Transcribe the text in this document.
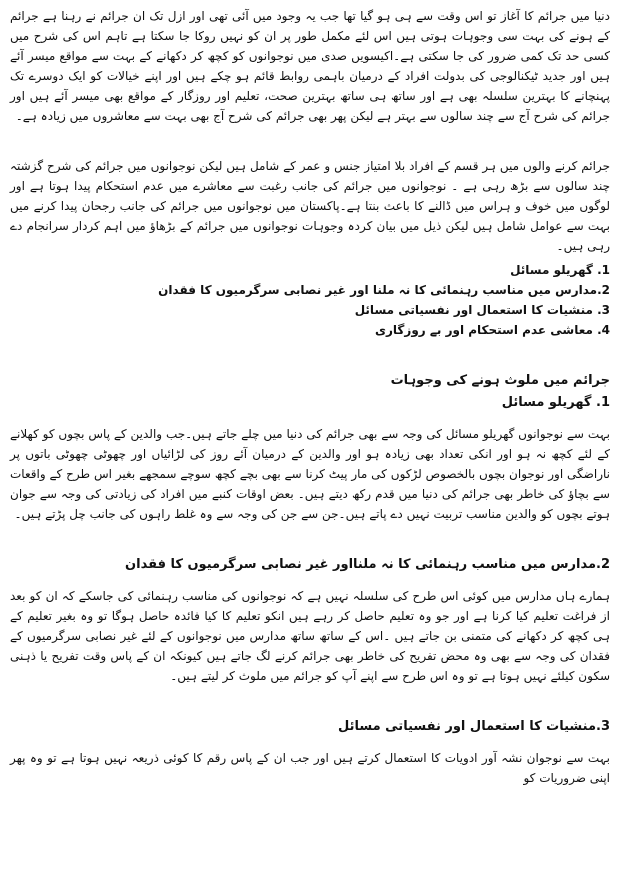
دنیا میں جرائم کا آغاز تو اس وقت سے ہی ہو گیا تھا جب یہ وجود میں آئی تھی اور ازل تک ان جرائم نے رہنا ہے جرائم کے ہونے کی بہت سی وجوہات ہوتی ہیں اس لئے مکمل طور پر ان کو نہیں روکا جا سکتا ہے تاہم اس کی شرح میں کسی حد تک کمی ضرور کی جا سکتی ہے۔اکیسویں صدی میں نوجوانوں کو کچھ کر دکھانے کے بہت سے مواقع میسر آئے ہیں اور جدید ٹیکنالوجی کی بدولت افراد کے درمیان باہمی روابط قائم ہو چکے ہیں اور اپنے خیالات کو ایک دوسرے تک پہنچانے کا بہترین سلسلہ بھی ہے اور ساتھ ہی ساتھ بہترین صحت، تعلیم اور روزگار کے مواقع بھی میسر آئے ہیں اور جرائم کی شرح آج سے چند سالوں سے بہتر ہے لیکن پھر بھی جرائم کی شرح آج بھی بہت سے معاشروں میں زیادہ ہے۔

جرائم کرنے والوں میں ہر قسم کے افراد بلا امتیاز جنس و عمر کے شامل ہیں لیکن نوجوانوں میں جرائم کی شرح گزشتہ چند سالوں سے بڑھ رہی ہے ۔ نوجوانوں میں جرائم کی جانب رغبت سے معاشرے میں عدم استحکام پیدا ہوتا ہے اور لوگوں میں خوف و ہراس میں ڈالنے کا باعث بنتا ہے۔پاکستان میں نوجوانوں میں جرائم کی جانب رجحان پیدا کرنے میں بہت سے عوامل شامل ہیں لیکن ذیل میں بیان کردہ وجوہات نوجوانوں میں جرائم کے بڑھاؤ میں اہم کردار سرانجام دے رہی ہیں۔

1. گھریلو مسائل
2.مدارس میں مناسب رہنمائی کا نہ ملنا اور غیر نصابی سرگرمیوں کا فقدان
3. منشیات کا استعمال اور نفسیاتی مسائل
4. معاشی عدم استحکام اور بے روزگاری
جرائم میں ملوث ہونے کی وجوہات
1. گھریلو مسائل

بہت سے نوجوانوں گھریلو مسائل کی وجہ سے بھی جرائم کی دنیا میں چلے جاتے ہیں۔جب والدین کے پاس بچوں کو کھلانے کے لئے کچھ نہ ہو اور انکی تعداد بھی زیادہ ہو اور والدین کے درمیان آئے روز کی لڑائیاں اور چھوٹی چھوٹی باتوں پر ناراضگی اور نوجوان بچوں بالخصوص لڑکوں کی مار پیٹ کرنا سے بھی بچے کچھ سوچے سمجھے بغیر اس طرح کے واقعات سے بچاؤ کی خاطر بھی جرائم کی دنیا میں قدم رکھ دیتے ہیں۔ بعض اوقات کنبے میں افراد کی زیادتی کی وجہ سے جوان ہوتے بچوں کو والدین مناسب تربیت نہیں دے پاتے ہیں۔جن سے جن کی وجہ سے وہ غلط راہوں کی جانب چل پڑتے ہیں۔

2.مدارس میں مناسب رہنمائی کا نہ ملنااور غیر نصابی سرگرمیوں کا فقدان

ہمارے ہاں مدارس میں کوئی اس طرح کی سلسلہ نہیں ہے کہ نوجوانوں کی مناسب رہنمائی کی جاسکے کہ ان کو بعد از فراغت تعلیم کیا کرنا ہے اور جو وہ تعلیم حاصل کر رہے ہیں انکو تعلیم کا کیا فائدہ حاصل ہوگا تو وہ بغیر تعلیم کے ہی کچھ کر دکھانے کی متمنی بن جاتے ہیں ۔اس کے ساتھ ساتھ مدارس میں نوجوانوں کے لئے غیر نصابی سرگرمیوں کے فقدان کی وجہ سے بھی وہ محض تفریح کی خاطر بھی جرائم کرنے لگ جاتے ہیں کیونکہ ان کے پاس وقت تفریح یا ذہنی سکون کیلئے نہیں ہوتا ہے تو وہ اس طرح سے اپنے آپ کو جرائم میں ملوث کر لیتے ہیں۔

3.منشیات کا استعمال اور نفسیاتی مسائل

بہت سے نوجوان نشہ آور ادویات کا استعمال کرتے ہیں اور جب ان کے پاس رقم کا کوئی ذریعہ نہیں ہوتا ہے تو وہ پھر اپنی ضروریات کو
